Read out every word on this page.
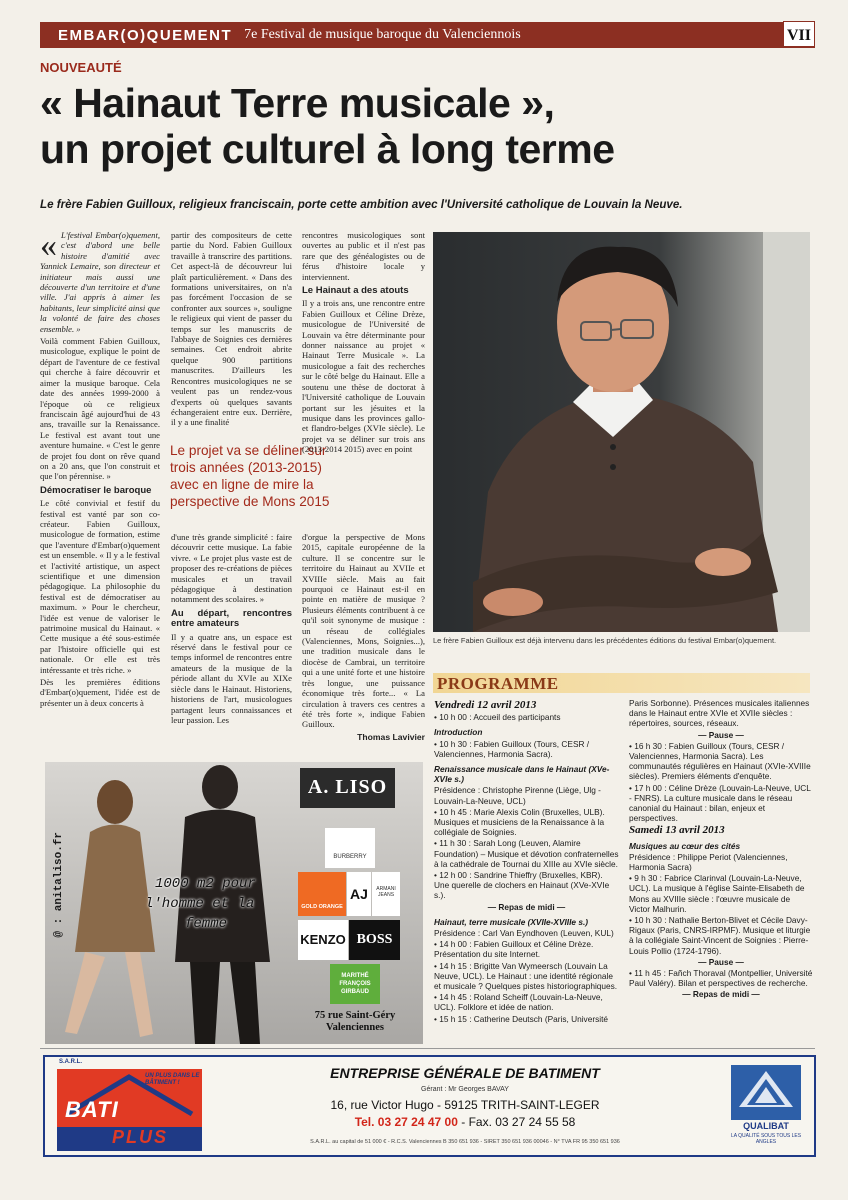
EMBAR(O)QUEMENT 7e Festival de musique baroque du Valenciennois	VII
NOUVEAUTÉ
« Hainaut Terre musicale »,
un projet culturel à long terme
Le frère Fabien Guilloux, religieux franciscain, porte cette ambition avec l'Université catholique de Louvain la Neuve.
« L'festival Embar(o)quement, c'est d'abord une belle histoire d'amitié avec Yannick Lemaire, son directeur et initiateur mais aussi une découverte d'un territoire et d'une ville. J'ai appris à aimer les habitants, leur simplicité ainsi que la volonté de faire des choses ensemble. »

Voilà comment Fabien Guilloux, musicologue, explique le point de départ de l'aventure de ce festival qui cherche à faire découvrir et aimer la musique baroque. Cela date des années 1999-2000 à l'époque où ce religieux franciscain âgé aujourd'hui de 43 ans, travaille sur la Renaissance. Le festival est avant tout une aventure humaine. « C'est le genre de projet fou dont on rêve quand on a 20 ans, que l'on construit et que l'on pérennise. »

Démocratiser le baroque

Le côté convivial et festif du festival est vanté par son co-créateur. Fabien Guilloux, musicologue de formation, estime que l'aventure d'Embar(o)quement est un ensemble. « Il y a le festival et l'activité artistique, un aspect scientifique et une dimension pédagogique. La philosophie du festival est de démocratiser au maximum. » Pour le chercheur, l'idée est venue de valoriser le patrimoine musical du Hainaut. « Cette musique a été sous-estimée par l'histoire officielle qui est nationale. Or elle est très intéressante et très riche. »

Dès les premières éditions d'Embar(o)quement, l'idée est de présenter un à deux concerts à

partir des compositeurs de cette partie du Nord. Fabien Guilloux travaille à transcrire des partitions. Cet aspect-là de découvreur lui plaît particulièrement. « Dans des formations universitaires, on n'a pas forcément l'occasion de se confronter aux sources », souligne le religieux qui vient de passer du temps sur les manuscrits de l'abbaye de Soignies ces dernières semaines. Cet endroit abrite quelque 900 partitions manuscrites. D'ailleurs les Rencontres musicologiques ne se veulent pas un rendez-vous d'experts où quelques savants échangeraient entre eux. Derrière, il y a une finalité

Le projet va se déliner sur trois années (2013-2015) avec en ligne de mire la perspective de Mons 2015

d'une très grande simplicité : faire découvrir cette musique. La fabie vivre. « Le projet plus vaste est de proposer des re-créations de pièces musicales et un travail pédagogique à destination notamment des scolaires. »

Au départ, rencontres entre amateurs

Il y a quatre ans, un espace est réservé dans le festival pour ce temps informel de rencontres entre amateurs de la musique de la période allant du XVIe au XIXe siècle dans le Hainaut. Historiens, historiens de l'art, musicologues partagent leurs connaissances et leur passion. Les

rencontres musicologiques sont ouvertes au public et il n'est pas rare que des généalogistes ou de férus d'histoire locale y interviennent.

Le Hainaut a des atouts

Il y a trois ans, une rencontre entre Fabien Guilloux et Céline Drèze, musicologue de l'Université de Louvain va être déterminante pour donner naissance au projet « Hainaut Terre Musicale ». La musicologue a fait des recherches sur le côté belge du Hainaut. Elle a soutenu une thèse de doctorat à l'Université catholique de Louvain portant sur les jésuites et la musique dans les provinces gallo- et flandro-belges (XVIe siècle). Le projet va se déliner sur trois ans (2013-2014 2015) avec en point

d'orgue la perspective de Mons 2015, capitale européenne de la culture. Il se concentre sur le territoire du Hainaut au XVIIe et XVIIIe siècle. Mais au fait pourquoi ce Hainaut est-il en pointe en matière de musique ? Plusieurs éléments contribuent à ce qu'il soit synonyme de musique : un réseau de collégiales (Valenciennes, Mons, Soignies...), une tradition musicale dans le diocèse de Cambrai, un territoire qui a une unité forte et une histoire très longue, une puissance économique très forte... « La circulation à travers ces centres a été très forte », indique Fabien Guilloux.

Thomas Lavivier

Le frère Fabien Guilloux est déjà intervenu dans les précédentes éditions du festival Embar(o)quement.
PROGRAMME

Vendredi 12 avril 2013

• 10 h 00 : Accueil des participants

Introduction

• 10 h 30 : Fabien Guilloux (Tours, CESR / Valenciennes, Harmonia Sacra).

Renaissance musicale dans le Hainaut (XVe-XVIe s.)

Présidence : Christophe Pirenne (Liège, Ulg - Louvain-La-Neuve, UCL)

• 10 h 45 : Marie Alexis Colin (Bruxelles, ULB). Musiques et musiciens de la Renaissance à la collégiale de Soignies.

• 11 h 30 : Sarah Long (Leuven, Alamire Foundation) – Musique et dévotion confraternelles à la cathédrale de Tournai du XIIIe au XVIe siècle.

• 12 h 00 : Sandrine Thieffry (Bruxelles, KBR). Une querelle de clochers en Hainaut (XVe-XVIe s.).

— Repas de midi —

Hainaut, terre musicale (XVIIe-XVIIIe s.)

Présidence : Carl Van Eyndhoven (Leuven, KUL)

• 14 h 00 : Fabien Guilloux et Céline Drèze. Présentation du site Internet.

• 14 h 15 : Brigitte Van Wymeersch (Louvain La Neuve, UCL). Le Hainaut : une identité régionale et musicale ? Quelques pistes historiographiques.

• 14 h 45 : Roland Scheiff (Louvain-La-Neuve, UCL). Folklore et idée de nation.

• 15 h 15 : Catherine Deutsch (Paris, Université

Paris Sorbonne). Présences musicales italiennes dans le Hainaut entre XVIe et XVIIe siècles : répertoires, sources, réseaux.

— Pause —

• 16 h 30 : Fabien Guilloux (Tours, CESR / Valenciennes, Harmonia Sacra). Les communautés régulières en Hainaut (XVIe-XVIIIe siècles). Premiers éléments d'enquête.

• 17 h 00 : Céline Drèze (Louvain-La-Neuve, UCL - FNRS). La culture musicale dans le réseau canonial du Hainaut : bilan, enjeux et perspectives.

Samedi 13 avril 2013

Musiques au cœur des cités

Présidence : Philippe Periot (Valenciennes, Harmonia Sacra)

• 9 h 30 : Fabrice Clarinval (Louvain-La-Neuve, UCL). La musique à l'église Sainte-Elisabeth de Mons au XVIIIe siècle : l'œuvre musicale de Victor Malhurin.

• 10 h 30 : Nathalie Berton-Blivet et Cécile Davy-Rigaux (Paris, CNRS-IRPMF). Musique et liturgie à la collégiale Saint-Vincent de Soignies : Pierre-Louis Pollio (1724-1796).

— Pause —

• 11 h 45 : Fañch Thoraval (Montpellier, Université Paul Valéry). Bilan et perspectives de recherche.

— Repas de midi —

@ : anitaliso.fr
A. LISO
BURBERRY
GOLD ORANGE
AJ	ARMANI JEANS
KENZO BOSS
MARITHÉ FRANÇOIS GIRBAUD
1000 m2 pour
l'homme et la
femme
75 rue Saint-Géry
Valenciennes
S.A.R.L.
BATI
PLUS
UN PLUS DANS LE BÂTIMENT !
ENTREPRISE GÉNÉRALE DE BATIMENT
Gérant : Mr Georges BAVAY
16, rue Victor Hugo - 59125 TRITH-SAINT-LEGER
Tel. 03 27 24 47 00 - Fax. 03 27 24 55 58
S.A.R.L. au capital de 51 000 € - R.C.S. Valenciennes B 350 651 936 - SIRET 350 651 936 00046 - N° TVA FR 95 350 651 936
QUALIBAT
LA QUALITÉ SOUS TOUS LES ANGLES
